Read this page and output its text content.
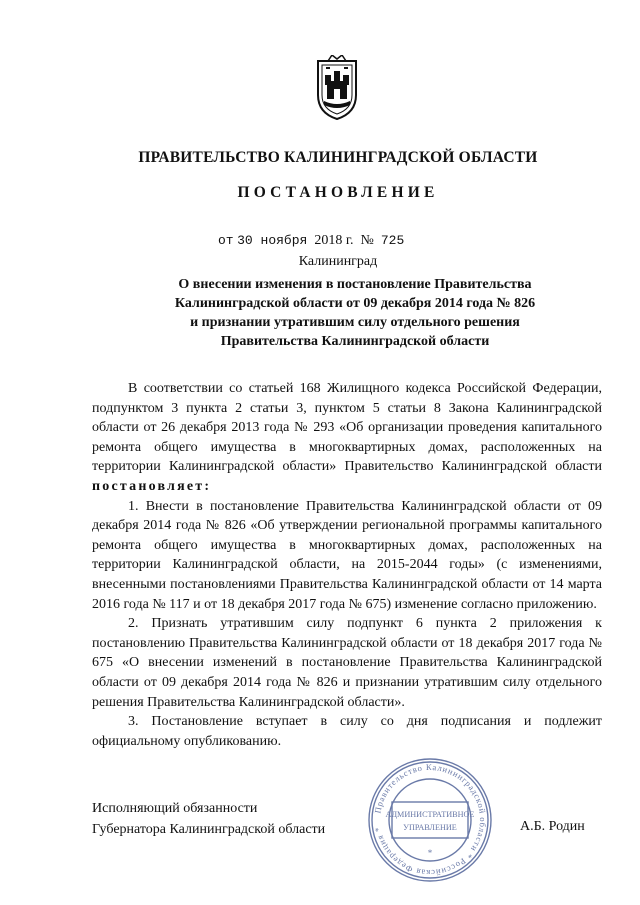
ПРАВИТЕЛЬСТВО КАЛИНИНГРАДСКОЙ ОБЛАСТИ
ПОСТАНОВЛЕНИЕ
от 30 ноября 2018 г. № 725
Калининград
О внесении изменения в постановление Правительства
Калининградской области от 09 декабря 2014 года № 826
и признании утратившим силу отдельного решения
Правительства Калининградской области

В соответствии со статьей 168 Жилищного кодекса Российской Федерации, подпунктом 3 пункта 2 статьи 3, пунктом 5 статьи 8 Закона Калининградской области от 26 декабря 2013 года № 293 «Об организации проведения капитального ремонта общего имущества в многоквартирных домах, расположенных на территории Калининградской области» Правительство Калининградской области постановляет:

1. Внести в постановление Правительства Калининградской области от 09 декабря 2014 года № 826 «Об утверждении региональной программы капитального ремонта общего имущества в многоквартирных домах, расположенных на территории Калининградской области, на 2015-2044 годы» (с изменениями, внесенными постановлениями Правительства Калининградской области от 14 марта 2016 года № 117 и от 18 декабря 2017 года № 675) изменение согласно приложению.

2. Признать утратившим силу подпункт 6 пункта 2 приложения к постановлению Правительства Калининградской области от 18 декабря 2017 года № 675 «О внесении изменений в постановление Правительства Калининградской области от 09 декабря 2014 года № 826 и признании утратившим силу отдельного решения Правительства Калининградской области».

3. Постановление вступает в силу со дня подписания и подлежит официальному опубликованию.

Исполняющий обязанности
Губернатора Калининградской области
Правительство Калининградской области * Российская Федерация *
АДМИНИСТРАТИВНОЕ
УПРАВЛЕНИЕ
*
А.Б. Родин
